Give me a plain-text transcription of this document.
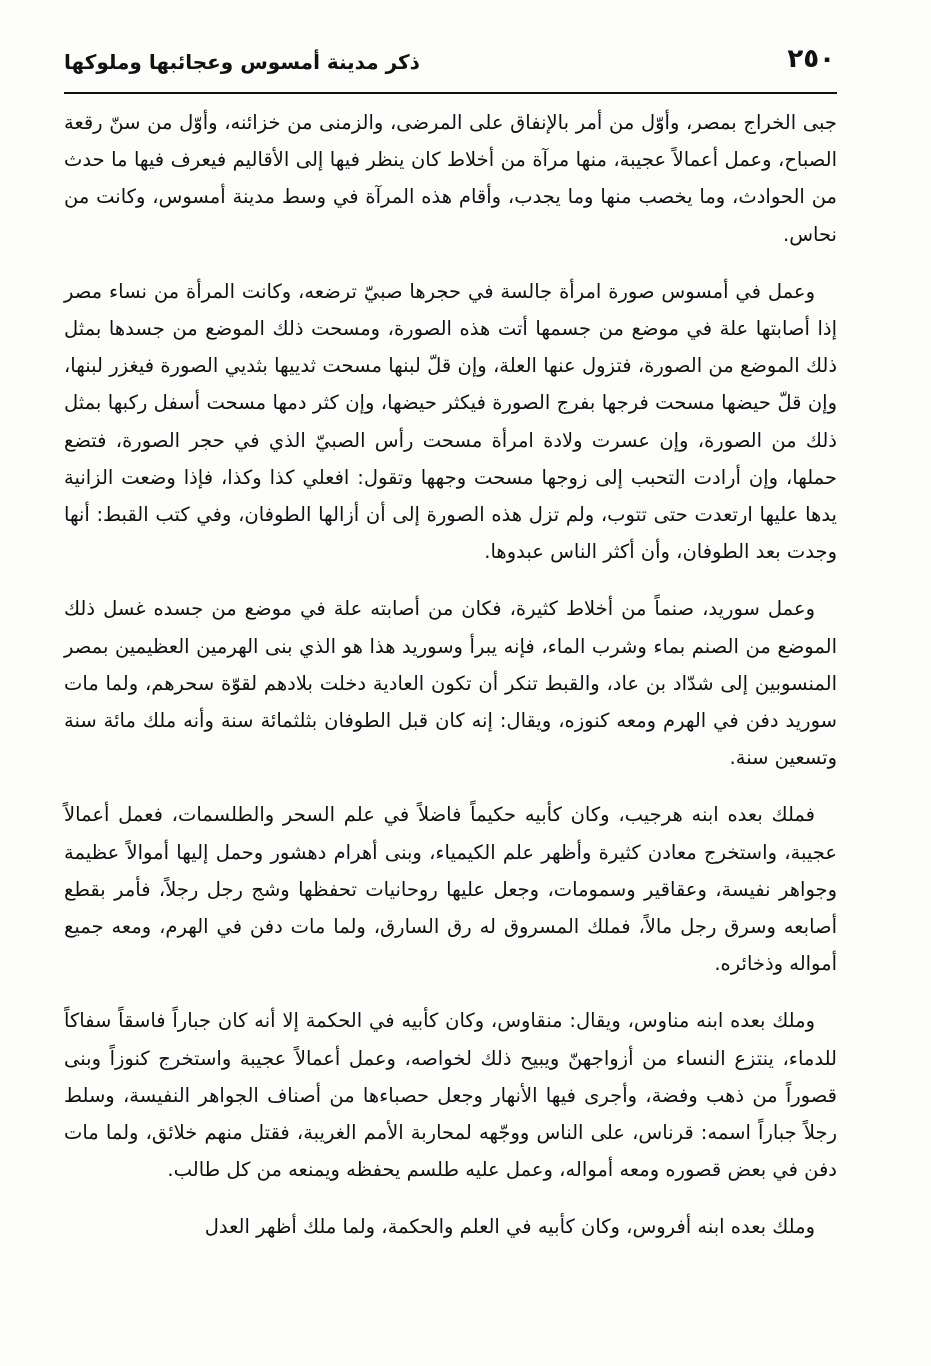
٢٥٠
ذكر مدينة أمسوس وعجائبها وملوكها

جبى الخراج بمصر، وأوّل من أمر بالإنفاق على المرضى، والزمنى من خزائنه، وأوّل من سنّ رقعة الصباح، وعمل أعمالاً عجيبة، منها مرآة من أخلاط كان ينظر فيها إلى الأقاليم فيعرف فيها ما حدث من الحوادث، وما يخصب منها وما يجدب، وأقام هذه المرآة في وسط مدينة أمسوس، وكانت من نحاس.

وعمل في أمسوس صورة امرأة جالسة في حجرها صبيّ ترضعه، وكانت المرأة من نساء مصر إذا أصابتها علة في موضع من جسمها أتت هذه الصورة، ومسحت ذلك الموضع من جسدها بمثل ذلك الموضع من الصورة، فتزول عنها العلة، وإن قلّ لبنها مسحت ثدييها بثديي الصورة فيغزر لبنها، وإن قلّ حيضها مسحت فرجها بفرج الصورة فيكثر حيضها، وإن كثر دمها مسحت أسفل ركبها بمثل ذلك من الصورة، وإن عسرت ولادة امرأة مسحت رأس الصبيّ الذي في حجر الصورة، فتضع حملها، وإن أرادت التحبب إلى زوجها مسحت وجهها وتقول: افعلي كذا وكذا، فإذا وضعت الزانية يدها عليها ارتعدت حتى تتوب، ولم تزل هذه الصورة إلى أن أزالها الطوفان، وفي كتب القبط: أنها وجدت بعد الطوفان، وأن أكثر الناس عبدوها.

وعمل سوريد، صنماً من أخلاط كثيرة، فكان من أصابته علة في موضع من جسده غسل ذلك الموضع من الصنم بماء وشرب الماء، فإنه يبرأ وسوريد هذا هو الذي بنى الهرمين العظيمين بمصر المنسوبين إلى شدّاد بن عاد، والقبط تنكر أن تكون العادية دخلت بلادهم لقوّة سحرهم، ولما مات سوريد دفن في الهرم ومعه كنوزه، ويقال: إنه كان قبل الطوفان بثلثمائة سنة وأنه ملك مائة سنة وتسعين سنة.

فملك بعده ابنه هرجيب، وكان كأبيه حكيماً فاضلاً في علم السحر والطلسمات، فعمل أعمالاً عجيبة، واستخرج معادن كثيرة وأظهر علم الكيمياء، وبنى أهرام دهشور وحمل إليها أموالاً عظيمة وجواهر نفيسة، وعقاقير وسمومات، وجعل عليها روحانيات تحفظها وشج رجل رجلاً، فأمر بقطع أصابعه وسرق رجل مالاً، فملك المسروق له رق السارق، ولما مات دفن في الهرم، ومعه جميع أمواله وذخائره.

وملك بعده ابنه مناوس، ويقال: منقاوس، وكان كأبيه في الحكمة إلا أنه كان جباراً فاسقاً سفاكاً للدماء، ينتزع النساء من أزواجهنّ ويبيح ذلك لخواصه، وعمل أعمالاً عجيبة واستخرج كنوزاً وبنى قصوراً من ذهب وفضة، وأجرى فيها الأنهار وجعل حصباءها من أصناف الجواهر النفيسة، وسلط رجلاً جباراً اسمه: قرناس، على الناس ووجّهه لمحاربة الأمم الغريبة، فقتل منهم خلائق، ولما مات دفن في بعض قصوره ومعه أمواله، وعمل عليه طلسم يحفظه ويمنعه من كل طالب.

وملك بعده ابنه أفروس، وكان كأبيه في العلم والحكمة، ولما ملك أظهر العدل
